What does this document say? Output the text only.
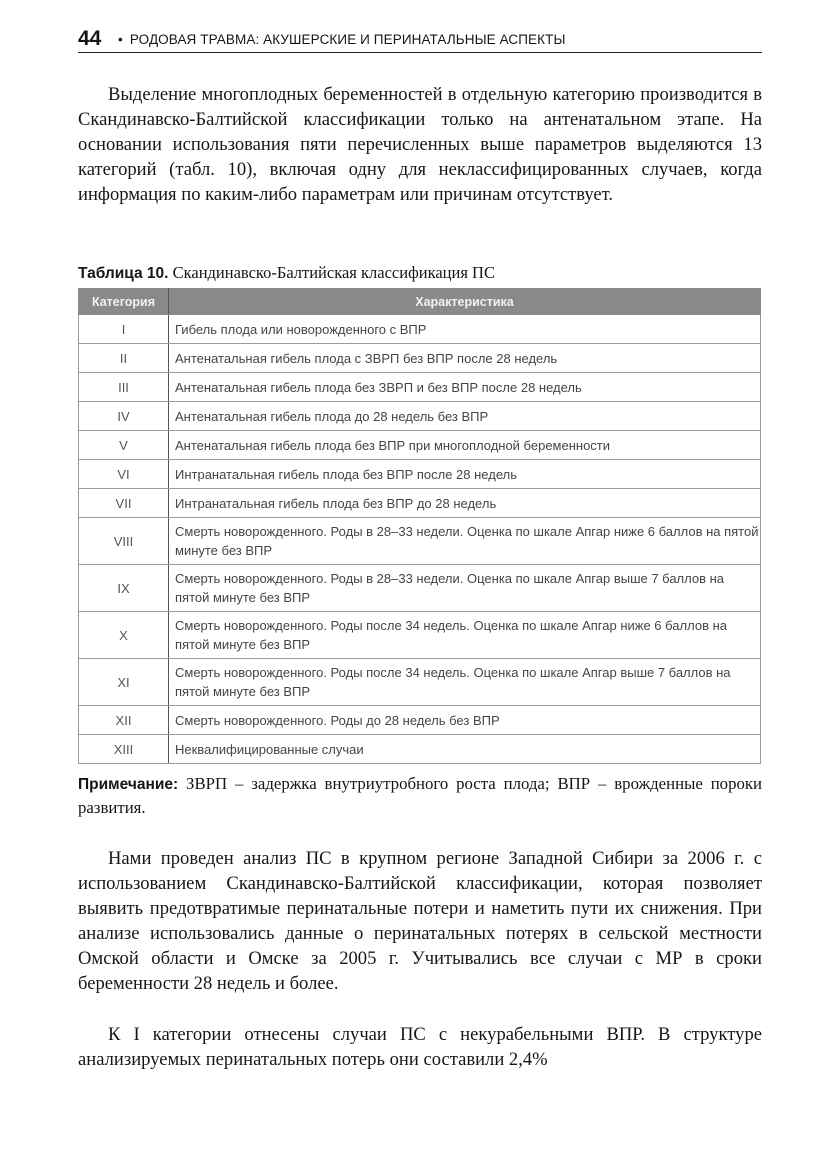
44 • РОДОВАЯ ТРАВМА: АКУШЕРСКИЕ И ПЕРИНАТАЛЬНЫЕ АСПЕКТЫ

Выделение многоплодных беременностей в отдельную категорию производится в Скандинавско-Балтийской классификации только на антенатальном этапе. На основании использования пяти перечисленных выше параметров выделяются 13 категорий (табл. 10), включая одну для неклассифицированных случаев, когда информация по каким-либо параметрам или причинам отсутствует.

Таблица 10. Скандинавско-Балтийская классификация ПС
Категория	Характеристика
I	Гибель плода или новорожденного с ВПР
II	Антенатальная гибель плода с ЗВРП без ВПР после 28 недель
III	Антенатальная гибель плода без ЗВРП и без ВПР после 28 недель
IV	Антенатальная гибель плода до 28 недель без ВПР
V	Антенатальная гибель плода без ВПР при многоплодной беременности
VI	Интранатальная гибель плода без ВПР после 28 недель
VII	Интранатальная гибель плода без ВПР до 28 недель
VIII	Смерть новорожденного. Роды в 28–33 недели. Оценка по шкале Апгар ниже 6 баллов на пятой минуте без ВПР
IX	Смерть новорожденного. Роды в 28–33 недели. Оценка по шкале Апгар выше 7 баллов на пятой минуте без ВПР
X	Смерть новорожденного. Роды после 34 недель. Оценка по шкале Апгар ниже 6 баллов на пятой минуте без ВПР
XI	Смерть новорожденного. Роды после 34 недель. Оценка по шкале Апгар выше 7 баллов на пятой минуте без ВПР
XII	Смерть новорожденного. Роды до 28 недель без ВПР
XIII	Неквалифицированные случаи

Примечание: ЗВРП – задержка внутриутробного роста плода; ВПР – врожденные пороки развития.

Нами проведен анализ ПС в крупном регионе Западной Сибири за 2006 г. с использованием Скандинавско-Балтийской классификации, которая позволяет выявить предотвратимые перинатальные потери и наметить пути их снижения. При анализе использовались данные о перинатальных потерях в сельской местности Омской области и Омске за 2005 г. Учитывались все случаи с МР в сроки беременности 28 недель и более.

К I категории отнесены случаи ПС с некурабельными ВПР. В структуре анализируемых перинатальных потерь они составили 2,4%
